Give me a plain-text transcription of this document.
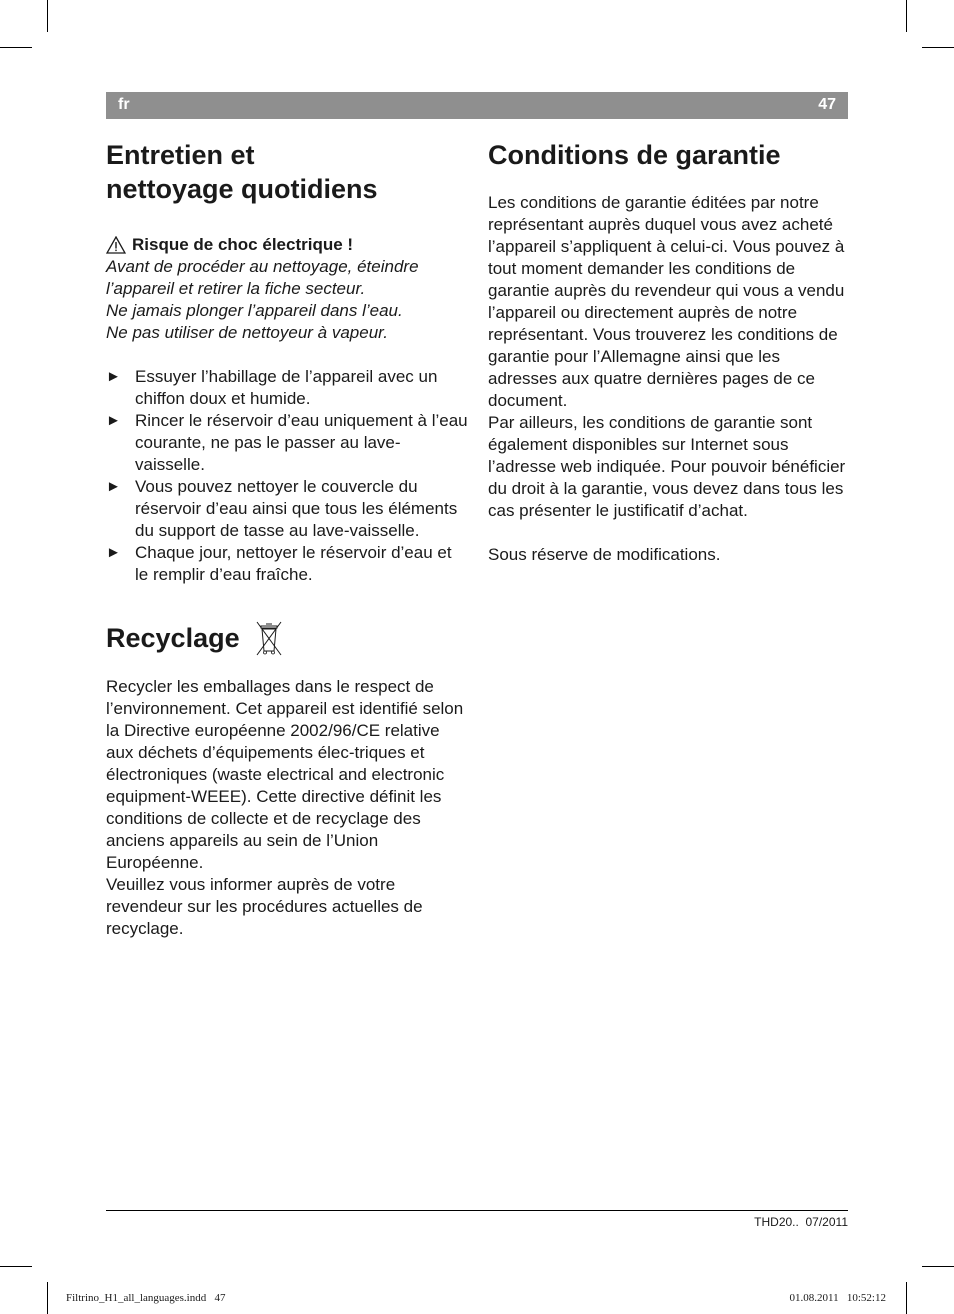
fr	47
Entretien et
nettoyage quotidiens
Risque de choc électrique !

Avant de procéder au nettoyage, éteindre

l’appareil et retirer la fiche secteur.

Ne jamais plonger l’appareil dans l’eau.

Ne pas utiliser de nettoyeur à vapeur.

► Essuyer l’habillage de l’appareil avec un chiffon doux et humide.
► Rincer le réservoir d’eau uniquement à l’eau courante, ne pas le passer au lave-vaisselle.
► Vous pouvez nettoyer le couvercle du réservoir d’eau ainsi que tous les éléments du support de tasse au lave-vaisselle.
► Chaque jour, nettoyer le réservoir d’eau et le remplir d’eau fraîche.
Recyclage

Recycler les emballages dans le respect de l’environnement. Cet appareil est identifié selon la Directive européenne 2002/96/CE relative aux déchets d’équipements élec-triques et électroniques (waste electrical and electronic equipment-WEEE). Cette directive définit les conditions de collecte et de recyclage des anciens appareils au sein de l’Union Européenne.

Veuillez vous informer auprès de votre revendeur sur les procédures actuelles de recyclage.

Conditions de garantie

Les conditions de garantie éditées par notre représentant auprès duquel vous avez acheté l’appareil s’appliquent à celui-ci. Vous pouvez à tout moment demander les conditions de garantie auprès du revendeur qui vous a vendu l’appareil ou directement auprès de notre représentant. Vous trouverez les conditions de garantie pour l’Allemagne ainsi que les adresses aux quatre dernières pages de ce document.

Par ailleurs, les conditions de garantie sont également disponibles sur Internet sous l’adresse web indiquée. Pour pouvoir bénéficier du droit à la garantie, vous devez dans tous les cas présenter le justificatif d’achat.

Sous réserve de modifications.

THD20..  07/2011
Filtrino_H1_all_languages.indd   47	01.08.2011   10:52:12
